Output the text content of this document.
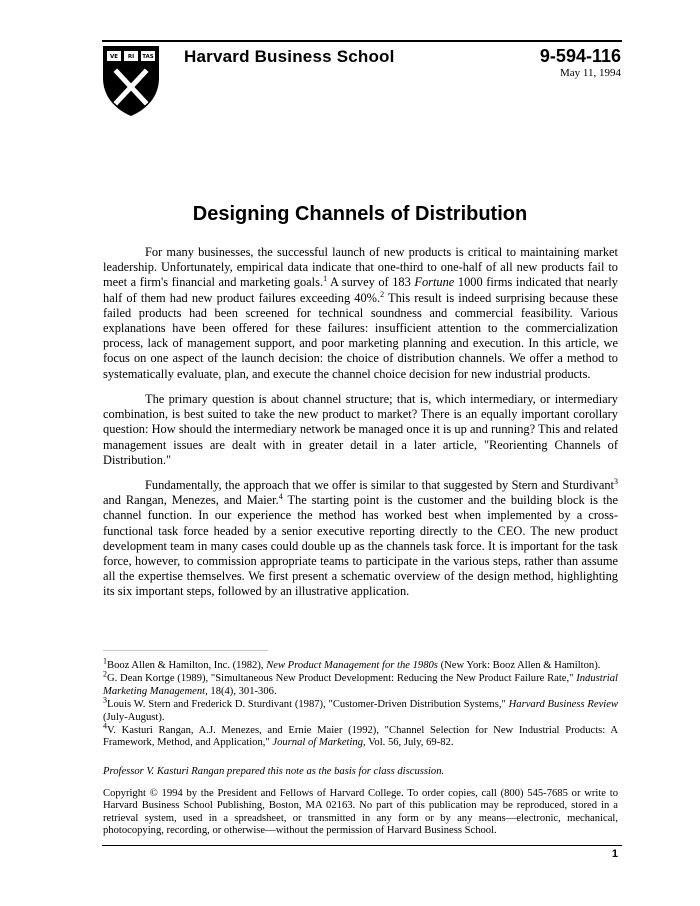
VE RI TAS Harvard Business School	9-594-116
May 11, 1994
Designing Channels of Distribution

For many businesses, the successful launch of new products is critical to maintaining market leadership. Unfortunately, empirical data indicate that one-third to one-half of all new products fail to meet a firm's financial and marketing goals.$^1$ A survey of 183 Fortune 1000 firms indicated that nearly half of them had new product failures exceeding 40%.$^2$ This result is indeed surprising because these failed products had been screened for technical soundness and commercial feasibility. Various explanations have been offered for these failures: insufficient attention to the commercialization process, lack of management support, and poor marketing planning and execution. In this article, we focus on one aspect of the launch decision: the choice of distribution channels. We offer a method to systematically evaluate, plan, and execute the channel choice decision for new industrial products.

The primary question is about channel structure; that is, which intermediary, or intermediary combination, is best suited to take the new product to market? There is an equally important corollary question: How should the intermediary network be managed once it is up and running? This and related management issues are dealt with in greater detail in a later article, "Reorienting Channels of Distribution."

Fundamentally, the approach that we offer is similar to that suggested by Stern and Sturdivant$^3$ and Rangan, Menezes, and Maier.$^4$ The starting point is the customer and the building block is the channel function. In our experience the method has worked best when implemented by a cross-functional task force headed by a senior executive reporting directly to the CEO. The new product development team in many cases could double up as the channels task force. It is important for the task force, however, to commission appropriate teams to participate in the various steps, rather than assume all the expertise themselves. We first present a schematic overview of the design method, highlighting its six important steps, followed by an illustrative application.

$^1$Booz Allen & Hamilton, Inc. (1982), New Product Management for the 1980s (New York: Booz Allen & Hamilton).
$^2$G. Dean Kortge (1989), "Simultaneous New Product Development: Reducing the New Product Failure Rate," Industrial Marketing Management, 18(4), 301-306.
$^3$Louis W. Stern and Frederick D. Sturdivant (1987), "Customer-Driven Distribution Systems," Harvard Business Review (July-August).
$^4$V. Kasturi Rangan, A.J. Menezes, and Ernie Maier (1992), "Channel Selection for New Industrial Products: A Framework, Method, and Application," Journal of Marketing, Vol. 56, July, 69-82.
Professor V. Kasturi Rangan prepared this note as the basis for class discussion.
Copyright © 1994 by the President and Fellows of Harvard College. To order copies, call (800) 545-7685 or write to Harvard Business School Publishing, Boston, MA 02163. No part of this publication may be reproduced, stored in a retrieval system, used in a spreadsheet, or transmitted in any form or by any means—electronic, mechanical, photocopying, recording, or otherwise—without the permission of Harvard Business School.
1
